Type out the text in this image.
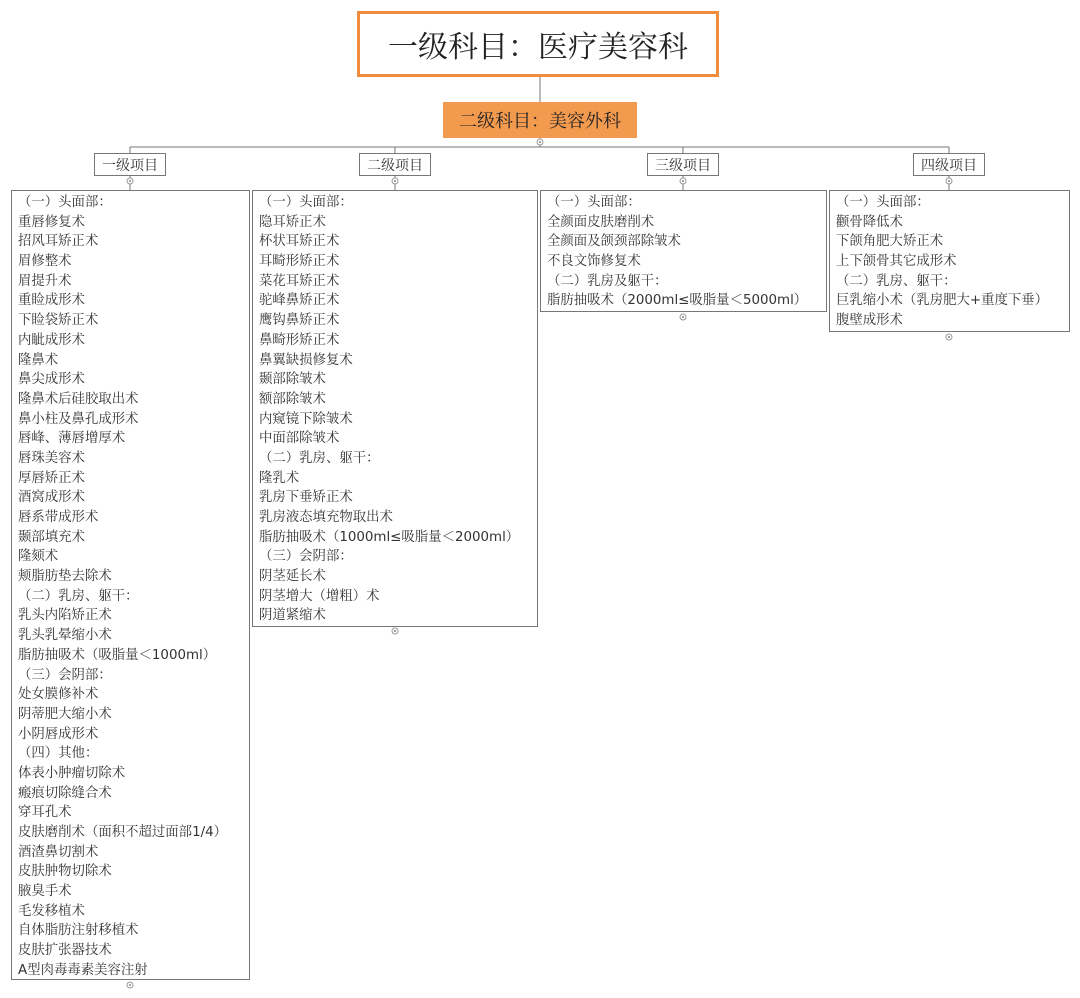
一级科目：医疗美容科
二级科目：美容外科
一级项目	二级项目	三级项目	四级项目
（一）头面部：
重唇修复术
招风耳矫正术
眉修整术
眉提升术
重睑成形术
下睑袋矫正术
内眦成形术
隆鼻术
鼻尖成形术
隆鼻术后硅胶取出术
鼻小柱及鼻孔成形术
唇峰、薄唇增厚术
唇珠美容术
厚唇矫正术
酒窝成形术
唇系带成形术
颞部填充术
隆颏术
颊脂肪垫去除术
（二）乳房、躯干：
乳头内陷矫正术
乳头乳晕缩小术
脂肪抽吸术（吸脂量＜1000ml）
（三）会阴部：
处女膜修补术
阴蒂肥大缩小术
小阴唇成形术
（四）其他：
体表小肿瘤切除术
瘢痕切除缝合术
穿耳孔术
皮肤磨削术（面积不超过面部1/4）
酒渣鼻切割术
皮肤肿物切除术
腋臭手术
毛发移植术
自体脂肪注射移植术
皮肤扩张器技术
A型肉毒毒素美容注射
（一）头面部：
隐耳矫正术
杯状耳矫正术
耳畸形矫正术
菜花耳矫正术
驼峰鼻矫正术
鹰钩鼻矫正术
鼻畸形矫正术
鼻翼缺损修复术
颞部除皱术
额部除皱术
内窥镜下除皱术
中面部除皱术
（二）乳房、躯干：
隆乳术
乳房下垂矫正术
乳房液态填充物取出术
脂肪抽吸术（1000ml≤吸脂量＜2000ml）
（三）会阴部：
阴茎延长术
阴茎增大（增粗）术
阴道紧缩术
（一）头面部：
全颜面皮肤磨削术
全颜面及颌颈部除皱术
不良文饰修复术
（二）乳房及躯干：
脂肪抽吸术（2000ml≤吸脂量＜5000ml）
（一）头面部：
颧骨降低术
下颌角肥大矫正术
上下颌骨其它成形术
（二）乳房、躯干：
巨乳缩小术（乳房肥大+重度下垂）
腹壁成形术
